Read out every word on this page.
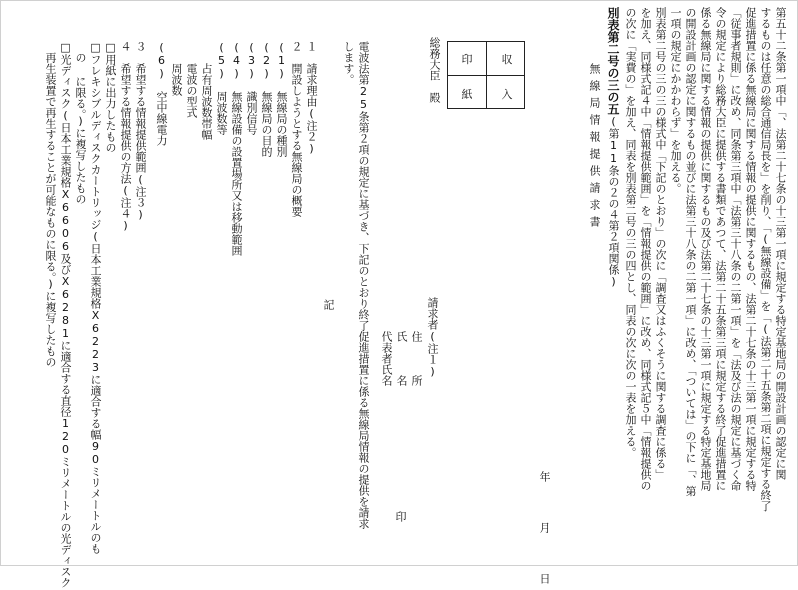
第五十二条第一項中「、法第二十七条の十三第一項に規定する特定基地局の開設計画の認定に関
するものは任意の総合通信局長を」を削り、「(無線設備」を「(法第二十五条第二項に規定する終了
促進措置に係る無線局に関する情報の提供に関するもの、法第二十七条の十三第一項に規定する特
「従事者規則」に改め、同条第三項中「法第三十八条の二第一項」を「法及び法の規定に基づく命
令の規定により総務大臣に提供する書類であつて、法第二十五条第三項に規定する終了促進措置に
係る無線局に関する情報の提供に関するもの及び法第二十七条の十三第一項に規定する特定基地局
の開設計画の認定に関するもの並びに法第三十八条の二第一項」に改め、「ついては」の下に「、第
一項の規定にかかわらず」を加える。
別表第二号の三の三の様式中「下記のとおり」の次に「調査又はふくそうに関する調査に係る」
を加え、同様式記４中「情報提供範囲」を「情報提供の範囲」に改め、同様式記５中「情報提供の
の次に「実費の」を加え、同表を別表第二号の三の四とし、同表の次に次の一表を加える。
別表第二号の三の五(第11条の２の４第２項関係)
無線局情報提供請求書
年　　月　　日
収
入
印
紙
総務大臣　殿
請求者(注１)
住　　　所
氏　　　名
代表者氏名
印
電波法第25条第２項の規定に基づき、下記のとおり終了促進措置に係る無線局情報の提供を請求
します。
記
１　請求理由(注２)
２　開設しようとする無線局の概要
(1)　無線局の種別
(2)　無線局の目的
(3)　識別信号
(4)　無線設備の設置場所又は移動範囲
(5)　周波数等
　　占有周波数帯幅
　　電波の型式
　　周波数
(6)　空中線電力
３　希望する情報提供範囲(注３)
４　希望する情報提供の方法(注４)
□用紙に出力したもの
□フレキシブルディスクカートリッジ(日本工業規格X6223に適合する幅90ミリメートルのも
　の に限る。)に複写したもの
□光ディスク(日本工業規格X6606及びX6281に適合する直径120ミリメートルの光ディスク
　再生装置で再生することが可能なものに限る。)に複写したもの
